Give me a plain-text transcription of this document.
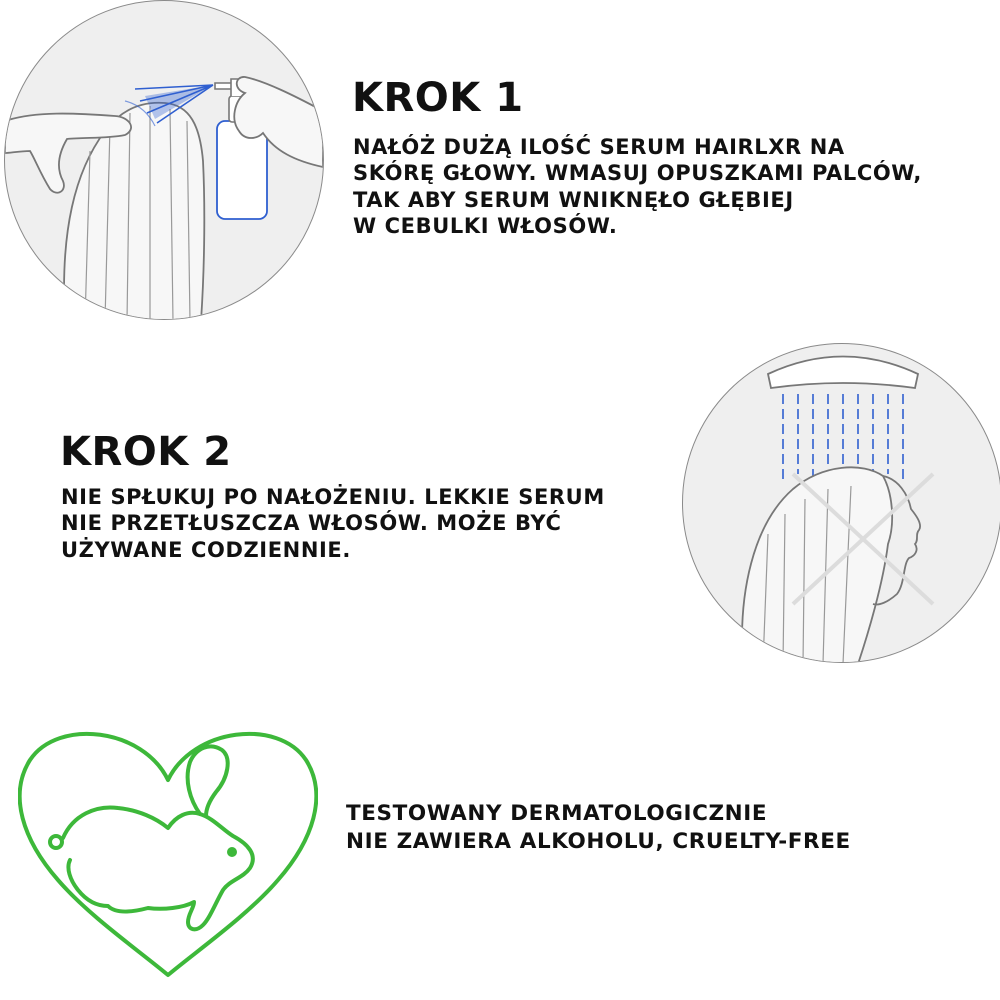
KROK 1
NAŁÓŻ DUŻĄ ILOŚĆ SERUM HAIRLXR NA
SKÓRĘ GŁOWY. WMASUJ OPUSZKAMI PALCÓW,
TAK ABY SERUM WNIKNĘŁO GŁĘBIEJ
W CEBULKI WŁOSÓW.
KROK 2
NIE SPŁUKUJ PO NAŁOŻENIU. LEKKIE SERUM
NIE PRZETŁUSZCZA WŁOSÓW. MOŻE BYĆ
UŻYWANE CODZIENNIE.
TESTOWANY DERMATOLOGICZNIE
NIE ZAWIERA ALKOHOLU, CRUELTY-FREE
